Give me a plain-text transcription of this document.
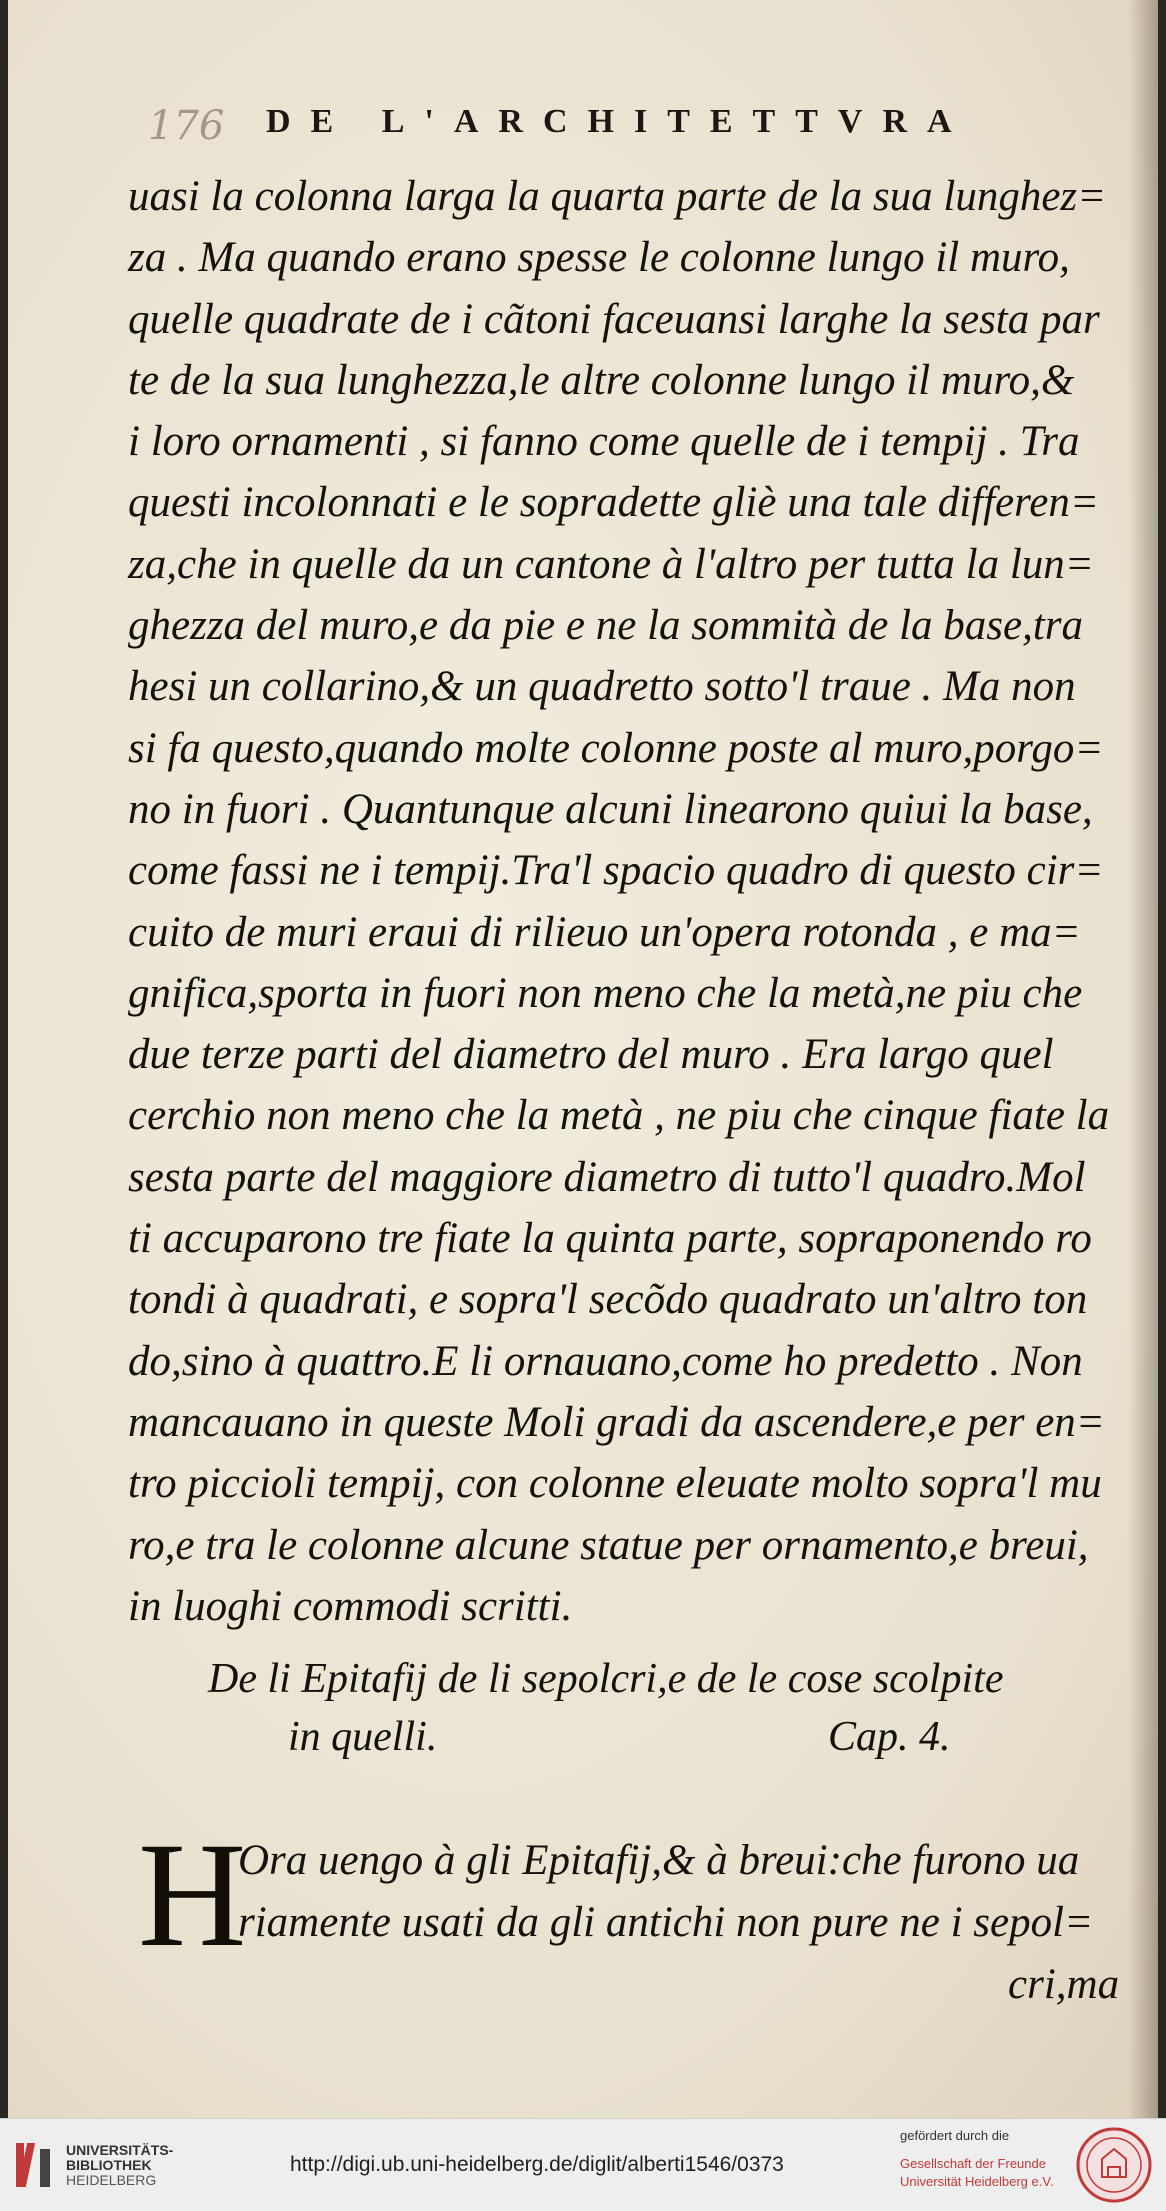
176 DE L'ARCHITETTVRA
uasi la colonna larga la quarta parte de la sua lunghez=
za . Ma quando erano spesse le colonne lungo il muro,
quelle quadrate de i cãtoni faceuansi larghe la sesta par
te de la sua lunghezza,le altre colonne lungo il muro,&
i loro ornamenti , si fanno come quelle de i tempij . Tra
questi incolonnati e le sopradette gliè una tale differen=
za,che in quelle da un cantone à l'altro per tutta la lun=
ghezza del muro,e da pie e ne la sommità de la base,tra
hesi un collarino,& un quadretto sotto'l traue . Ma non
si fa questo,quando molte colonne poste al muro,porgo=
no in fuori . Quantunque alcuni linearono quiui la base,
come fassi ne i tempij.Tra'l spacio quadro di questo cir=
cuito de muri eraui di rilieuo un'opera rotonda , e ma=
gnifica,sporta in fuori non meno che la metà,ne piu che
due terze parti del diametro del muro . Era largo quel
cerchio non meno che la metà , ne piu che cinque fiate la
sesta parte del maggiore diametro di tutto'l quadro.Mol
ti accuparono tre fiate la quinta parte, sopraponendo ro
tondi à quadrati, e sopra'l secõdo quadrato un'altro ton
do,sino à quattro.E li ornauano,come ho predetto . Non
mancauano in queste Moli gradi da ascendere,e per en=
tro piccioli tempij, con colonne eleuate molto sopra'l mu
ro,e tra le colonne alcune statue per ornamento,e breui,
in luoghi commodi scritti.
De li Epitafij de li sepolcri,e de le cose scolpite
in quelli.	Cap. 4.
H
Ora uengo à gli Epitafij,& à breui:che furono ua
riamente usati da gli antichi non pure ne i sepol=
cri,ma
UNIVERSITÄTS-
BIBLIOTHEK
HEIDELBERG
http://digi.ub.uni-heidelberg.de/diglit/alberti1546/0373
gefördert durch die
Gesellschaft der Freunde
Universität Heidelberg e.V.
